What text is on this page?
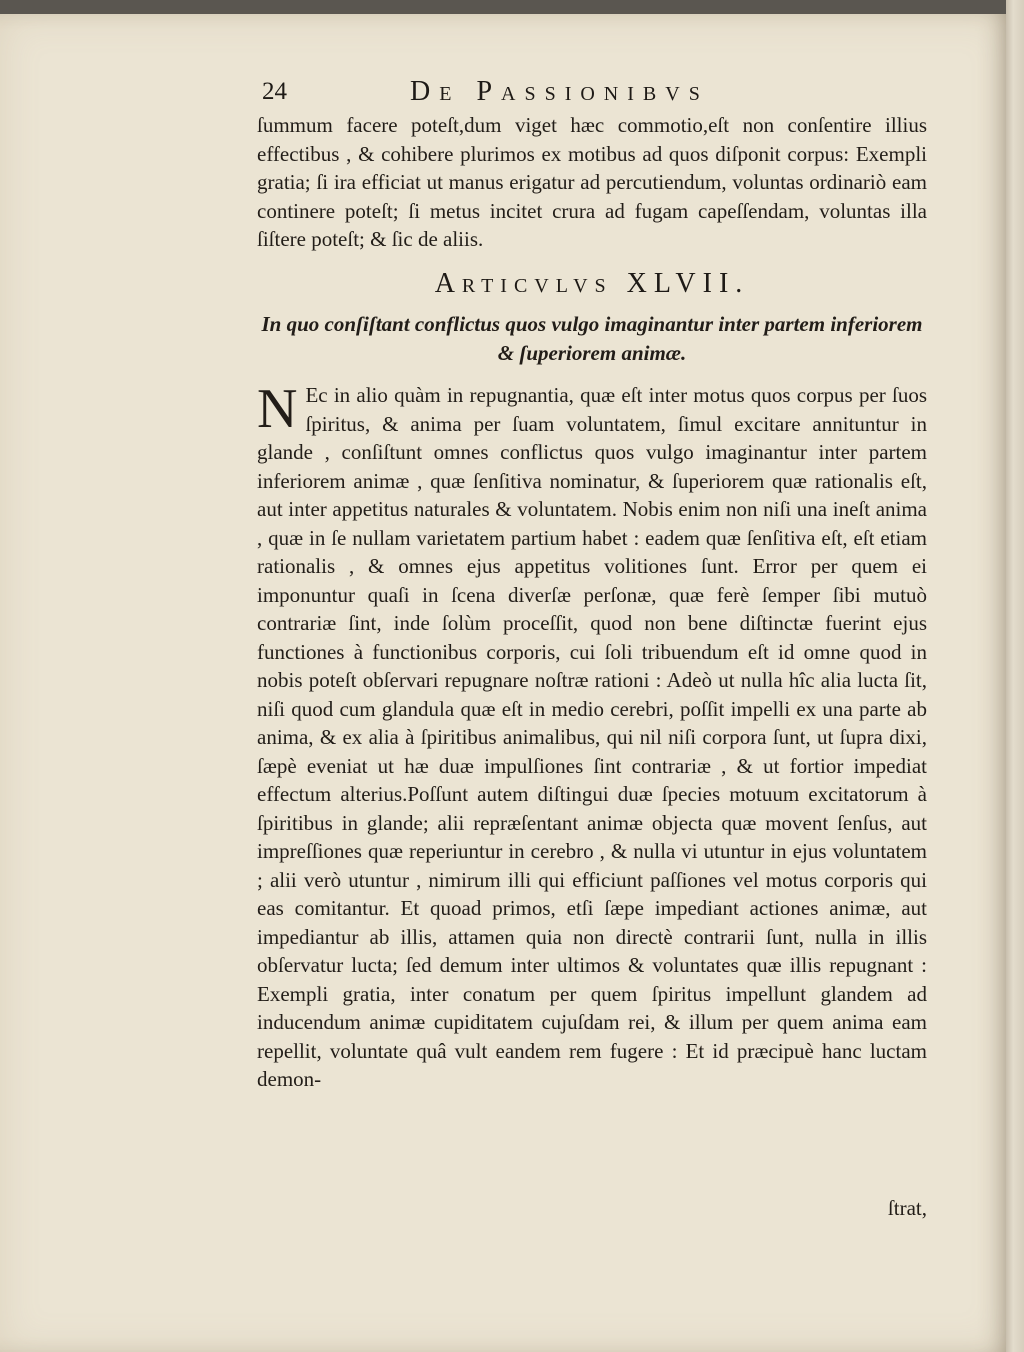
24	De Passionibvs

ſummum facere poteſt,dum viget hæc commotio,eſt non conſentire illius effectibus , & cohibere plurimos ex motibus ad quos diſponit corpus: Exempli gratia; ſi ira efficiat ut manus erigatur ad percutiendum, voluntas ordinariò eam continere poteſt; ſi metus incitet crura ad fugam capeſſendam, voluntas illa ſiſtere poteſt; & ſic de aliis.

Articvlvs XLVII.
In quo conſiſtant conflictus quos vulgo imaginantur inter partem inferiorem & ſuperiorem animæ.

N Ec in alio quàm in repugnantia, quæ eſt inter motus quos corpus per ſuos ſpiritus, & anima per ſuam voluntatem, ſimul excitare annituntur in glande , conſiſtunt omnes conflictus quos vulgo imaginantur inter partem inferiorem animæ , quæ ſenſitiva nominatur, & ſuperiorem quæ rationalis eſt, aut inter appetitus naturales & voluntatem. Nobis enim non niſi una ineſt anima , quæ in ſe nullam varietatem partium habet : eadem quæ ſenſitiva eſt, eſt etiam rationalis , & omnes ejus appetitus volitiones ſunt. Error per quem ei imponuntur quaſi in ſcena diverſæ perſonæ, quæ ferè ſemper ſibi mutuò contrariæ ſint, inde ſolùm proceſſit, quod non bene diſtinctæ fuerint ejus functiones à functionibus corporis, cui ſoli tribuendum eſt id omne quod in nobis poteſt obſervari repugnare noſtræ rationi : Adeò ut nulla hîc alia lucta ſit, niſi quod cum glandula quæ eſt in medio cerebri, poſſit impelli ex una parte ab anima, & ex alia à ſpiritibus animalibus, qui nil niſi corpora ſunt, ut ſupra dixi, ſæpè eveniat ut hæ duæ impulſiones ſint contrariæ , & ut fortior impediat effectum alterius.Poſſunt autem diſtingui duæ ſpecies motuum excitatorum à ſpiritibus in glande; alii repræſentant animæ objecta quæ movent ſenſus, aut impreſſiones quæ reperiuntur in cerebro , & nulla vi utuntur in ejus voluntatem ; alii verò utuntur , nimirum illi qui efficiunt paſſiones vel motus corporis qui eas comitantur. Et quoad primos, etſi ſæpe impediant actiones animæ, aut impediantur ab illis, attamen quia non directè contrarii ſunt, nulla in illis obſervatur lucta; ſed demum inter ultimos & voluntates quæ illis repugnant : Exempli gratia, inter conatum per quem ſpiritus impellunt glandem ad inducendum animæ cupiditatem cujuſdam rei, & illum per quem anima eam repellit, voluntate quâ vult eandem rem fugere : Et id præcipuè hanc luctam demon-

ſtrat,
